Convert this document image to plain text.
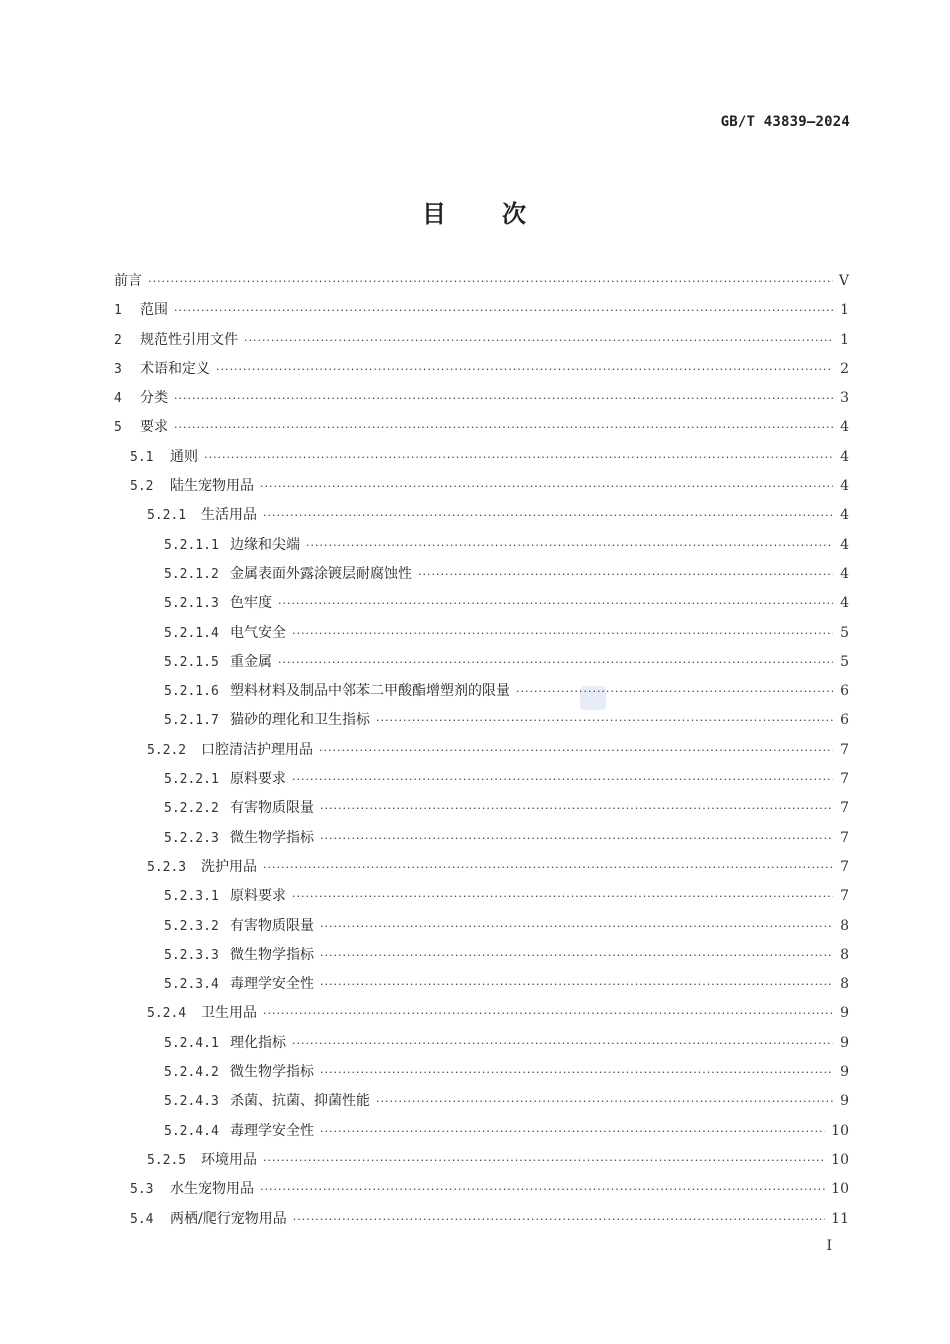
GB/T 43839—2024
目 次
前言 ·····	V
1	范围 ·····	1
2	规范性引用文件 ·····	1
3	术语和定义 ·····	2
4	分类 ·····	3
5	要求 ·····	4
5.1	通则 ·····	4
5.2	陆生宠物用品 ·····	4
5.2.1	生活用品 ·····	4
5.2.1.1 边缘和尖端 ·····	4
5.2.1.2 金属表面外露涂镀层耐腐蚀性 ·····	4
5.2.1.3 色牢度 ·····	4
5.2.1.4 电气安全 ·····	5
5.2.1.5 重金属 ·····	5
5.2.1.6 塑料材料及制品中邻苯二甲酸酯增塑剂的限量 ·····	6
5.2.1.7 猫砂的理化和卫生指标 ·····	6
5.2.2	口腔清洁护理用品 ·····	7
5.2.2.1 原料要求 ·····	7
5.2.2.2 有害物质限量 ·····	7
5.2.2.3 微生物学指标 ·····	7
5.2.3	洗护用品 ·····	7
5.2.3.1 原料要求 ·····	7
5.2.3.2 有害物质限量 ·····	8
5.2.3.3 微生物学指标 ·····	8
5.2.3.4 毒理学安全性 ·····	8
5.2.4	卫生用品 ·····	9
5.2.4.1 理化指标 ·····	9
5.2.4.2 微生物学指标 ·····	9
5.2.4.3 杀菌、抗菌、抑菌性能 ·····	9
5.2.4.4 毒理学安全性 ·····	10
5.2.5	环境用品 ·····	10
5.3	水生宠物用品 ·····	10
5.4	两栖/爬行宠物用品 ·····	11
I
